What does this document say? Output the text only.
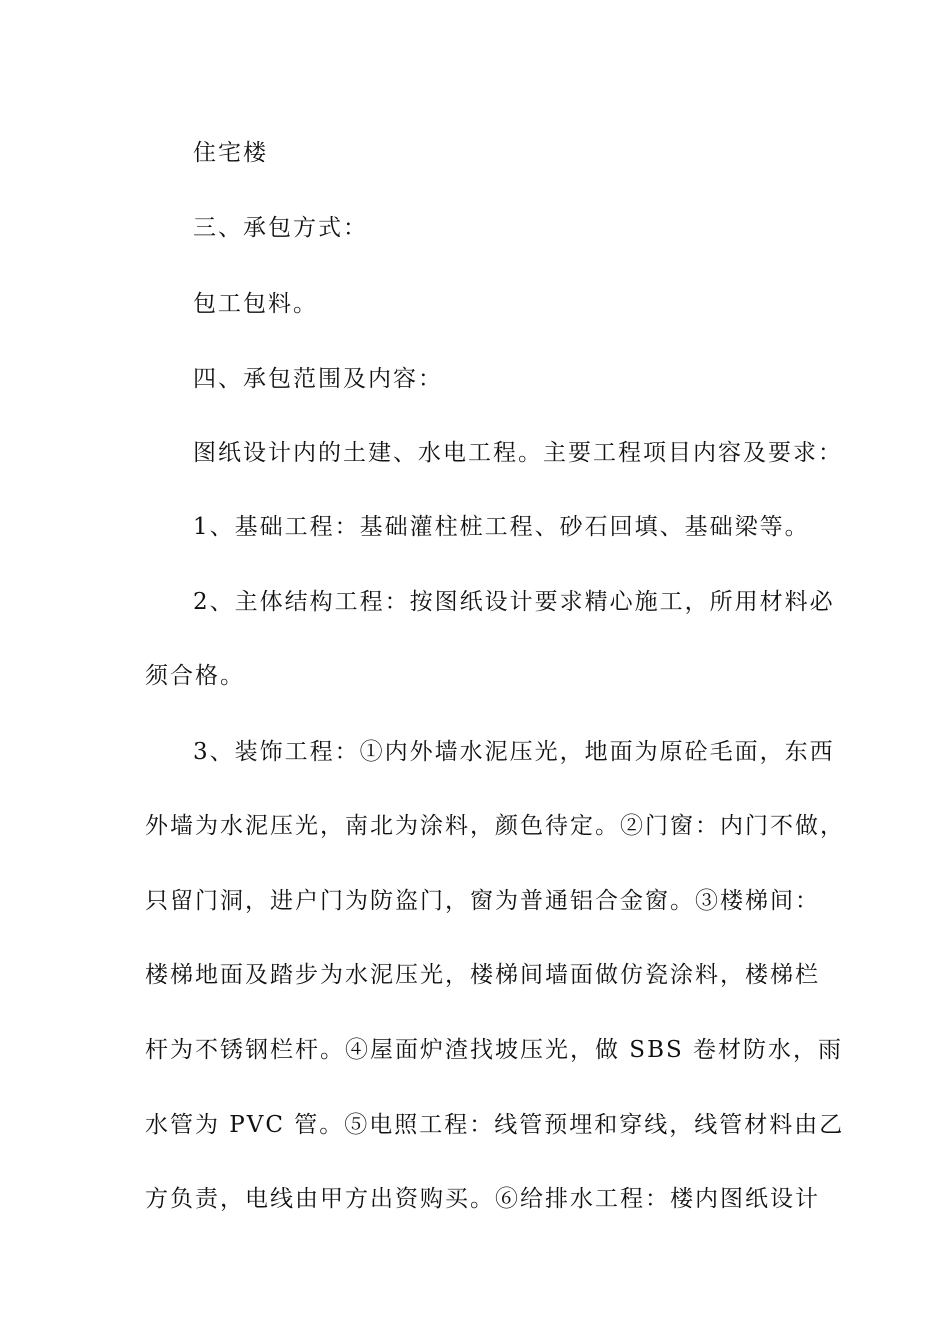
住宅楼
三、承包方式：
包工包料。
四、承包范围及内容：
图纸设计内的土建、水电工程。主要工程项目内容及要求：
1、基础工程：基础灌柱桩工程、砂石回填、基础梁等。
2、主体结构工程：按图纸设计要求精心施工，所用材料必
须合格。
3、装饰工程：①内外墙水泥压光，地面为原砼毛面，东西
外墙为水泥压光，南北为涂料，颜色待定。②门窗：内门不做，
只留门洞，进户门为防盗门，窗为普通铝合金窗。③楼梯间：
楼梯地面及踏步为水泥压光，楼梯间墙面做仿瓷涂料，楼梯栏
杆为不锈钢栏杆。④屋面炉渣找坡压光，做 SBS 卷材防水，雨
水管为 PVC 管。⑤电照工程：线管预埋和穿线，线管材料由乙
方负责，电线由甲方出资购买。⑥给排水工程：楼内图纸设计
